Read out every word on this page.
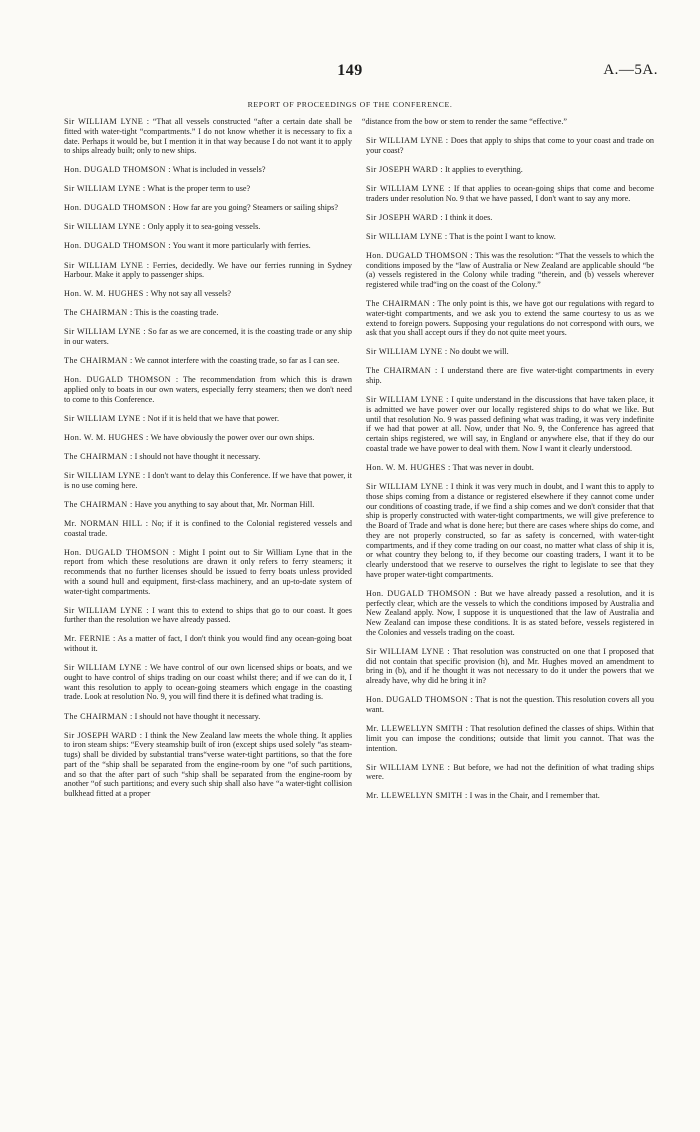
149	A.—5A.
REPORT OF PROCEEDINGS OF THE CONFERENCE.

Sir WILLIAM LYNE : “That all vessels constructed “after a certain date shall be fitted with water-tight “compartments.” I do not know whether it is necessary to fix a date. Perhaps it would be, but I mention it in that way because I do not want it to apply to ships already built; only to new ships.

Hon. DUGALD THOMSON : What is included in vessels?

Sir WILLIAM LYNE : What is the proper term to use?

Hon. DUGALD THOMSON : How far are you going? Steamers or sailing ships?

Sir WILLIAM LYNE : Only apply it to sea-going vessels.

Hon. DUGALD THOMSON : You want it more particularly with ferries.

Sir WILLIAM LYNE : Ferries, decidedly. We have our ferries running in Sydney Harbour. Make it apply to passenger ships.

Hon. W. M. HUGHES : Why not say all vessels?

The CHAIRMAN : This is the coasting trade.

Sir WILLIAM LYNE : So far as we are concerned, it is the coasting trade or any ship in our waters.

The CHAIRMAN : We cannot interfere with the coasting trade, so far as I can see.

Hon. DUGALD THOMSON : The recommendation from which this is drawn applied only to boats in our own waters, especially ferry steamers; then we don't need to come to this Conference.

Sir WILLIAM LYNE : Not if it is held that we have that power.

Hon. W. M. HUGHES : We have obviously the power over our own ships.

The CHAIRMAN : I should not have thought it necessary.

Sir WILLIAM LYNE : I don't want to delay this Conference. If we have that power, it is no use coming here.

The CHAIRMAN : Have you anything to say about that, Mr. Norman Hill.

Mr. NORMAN HILL : No; if it is confined to the Colonial registered vessels and coastal trade.

Hon. DUGALD THOMSON : Might I point out to Sir William Lyne that in the report from which these resolutions are drawn it only refers to ferry steamers; it recommends that no further licenses should be issued to ferry boats unless provided with a sound hull and equipment, first-class machinery, and an up-to-date system of water-tight compartments.

Sir WILLIAM LYNE : I want this to extend to ships that go to our coast. It goes further than the resolution we have already passed.

Mr. FERNIE : As a matter of fact, I don't think you would find any ocean-going boat without it.

Sir WILLIAM LYNE : We have control of our own licensed ships or boats, and we ought to have control of ships trading on our coast whilst there; and if we can do it, I want this resolution to apply to ocean-going steamers which engage in the coasting trade. Look at resolution No. 9, you will find there it is defined what trading is.

The CHAIRMAN : I should not have thought it necessary.

Sir JOSEPH WARD : I think the New Zealand law meets the whole thing. It applies to iron steam ships: “Every steamship built of iron (except ships used solely “as steam-tugs) shall be divided by substantial trans“verse water-tight partitions, so that the fore part of the “ship shall be separated from the engine-room by one “of such partitions, and so that the after part of such “ship shall be separated from the engine-room by another “of such partitions; and every such ship shall also have “a water-tight collision bulkhead fitted at a proper

“distance from the bow or stem to render the same “effective.”

Sir WILLIAM LYNE : Does that apply to ships that come to your coast and trade on your coast?

Sir JOSEPH WARD : It applies to everything.

Sir WILLIAM LYNE : If that applies to ocean-going ships that come and become traders under resolution No. 9 that we have passed, I don't want to say any more.

Sir JOSEPH WARD : I think it does.

Sir WILLIAM LYNE : That is the point I want to know.

Hon. DUGALD THOMSON : This was the resolution: “That the vessels to which the conditions imposed by the “law of Australia or New Zealand are applicable should “be (a) vessels registered in the Colony while trading “therein, and (b) vessels wherever registered while trad“ing on the coast of the Colony.”

The CHAIRMAN : The only point is this, we have got our regulations with regard to water-tight compartments, and we ask you to extend the same courtesy to us as we extend to foreign powers. Supposing your regulations do not correspond with ours, we ask that you shall accept ours if they do not quite meet yours.

Sir WILLIAM LYNE : No doubt we will.

The CHAIRMAN : I understand there are five water-tight compartments in every ship.

Sir WILLIAM LYNE : I quite understand in the discussions that have taken place, it is admitted we have power over our locally registered ships to do what we like. But until that resolution No. 9 was passed defining what was trading, it was very indefinite if we had that power at all. Now, under that No. 9, the Conference has agreed that certain ships registered, we will say, in England or anywhere else, that if they do our coastal trade we have power to deal with them. Now I want it clearly understood.

Hon. W. M. HUGHES : That was never in doubt.

Sir WILLIAM LYNE : I think it was very much in doubt, and I want this to apply to those ships coming from a distance or registered elsewhere if they cannot come under our conditions of coasting trade, if we find a ship comes and we don't consider that that ship is properly constructed with water-tight compartments, we will give preference to the Board of Trade and what is done here; but there are cases where ships do come, and they are not properly constructed, so far as safety is concerned, with water-tight compartments, and if they come trading on our coast, no matter what class of ship it is, or what country they belong to, if they become our coasting traders, I want it to be clearly understood that we reserve to ourselves the right to legislate to see that they have proper water-tight compartments.

Hon. DUGALD THOMSON : But we have already passed a resolution, and it is perfectly clear, which are the vessels to which the conditions imposed by Australia and New Zealand apply. Now, I suppose it is unquestioned that the law of Australia and New Zealand can impose these conditions. It is as stated before, vessels registered in the Colonies and vessels trading on the coast.

Sir WILLIAM LYNE : That resolution was constructed on one that I proposed that did not contain that specific provision (h), and Mr. Hughes moved an amendment to bring in (b), and if he thought it was not necessary to do it under the powers that we already have, why did he bring it in?

Hon. DUGALD THOMSON : That is not the question. This resolution covers all you want.

Mr. LLEWELLYN SMITH : That resolution defined the classes of ships. Within that limit you can impose the conditions; outside that limit you cannot. That was the intention.

Sir WILLIAM LYNE : But before, we had not the definition of what trading ships were.

Mr. LLEWELLYN SMITH : I was in the Chair, and I remember that.
